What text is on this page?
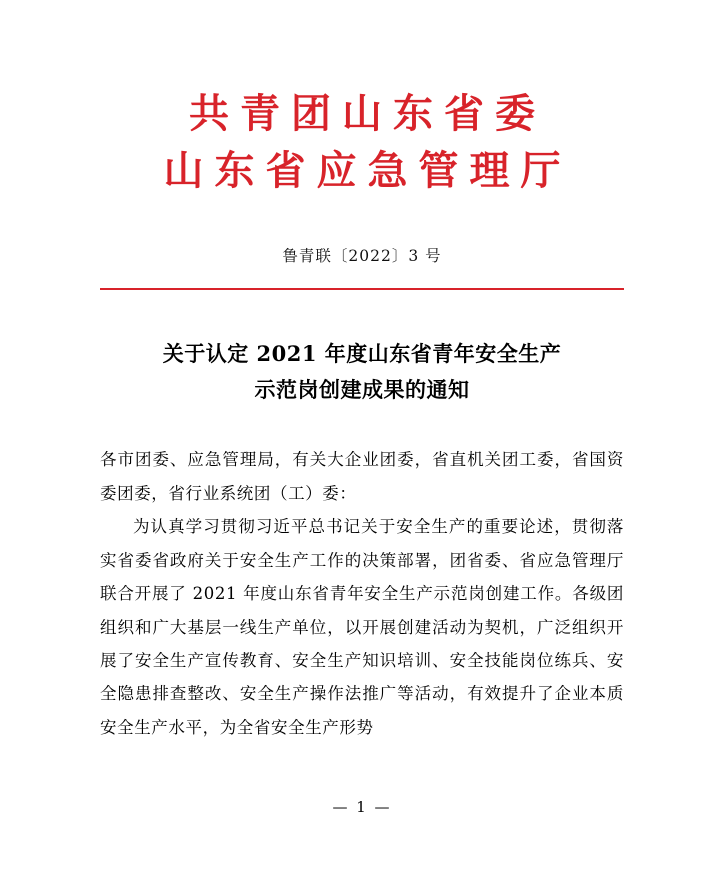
共青团山东省委
山东省应急管理厅
鲁青联〔2022〕3 号
关于认定 2021 年度山东省青年安全生产
示范岗创建成果的通知

各市团委、应急管理局，有关大企业团委，省直机关团工委，省国资委团委，省行业系统团（工）委：

为认真学习贯彻习近平总书记关于安全生产的重要论述，贯彻落实省委省政府关于安全生产工作的决策部署，团省委、省应急管理厅联合开展了 2021 年度山东省青年安全生产示范岗创建工作。各级团组织和广大基层一线生产单位，以开展创建活动为契机，广泛组织开展了安全生产宣传教育、安全生产知识培训、安全技能岗位练兵、安全隐患排查整改、安全生产操作法推广等活动，有效提升了企业本质安全生产水平，为全省安全生产形势

— 1 —
